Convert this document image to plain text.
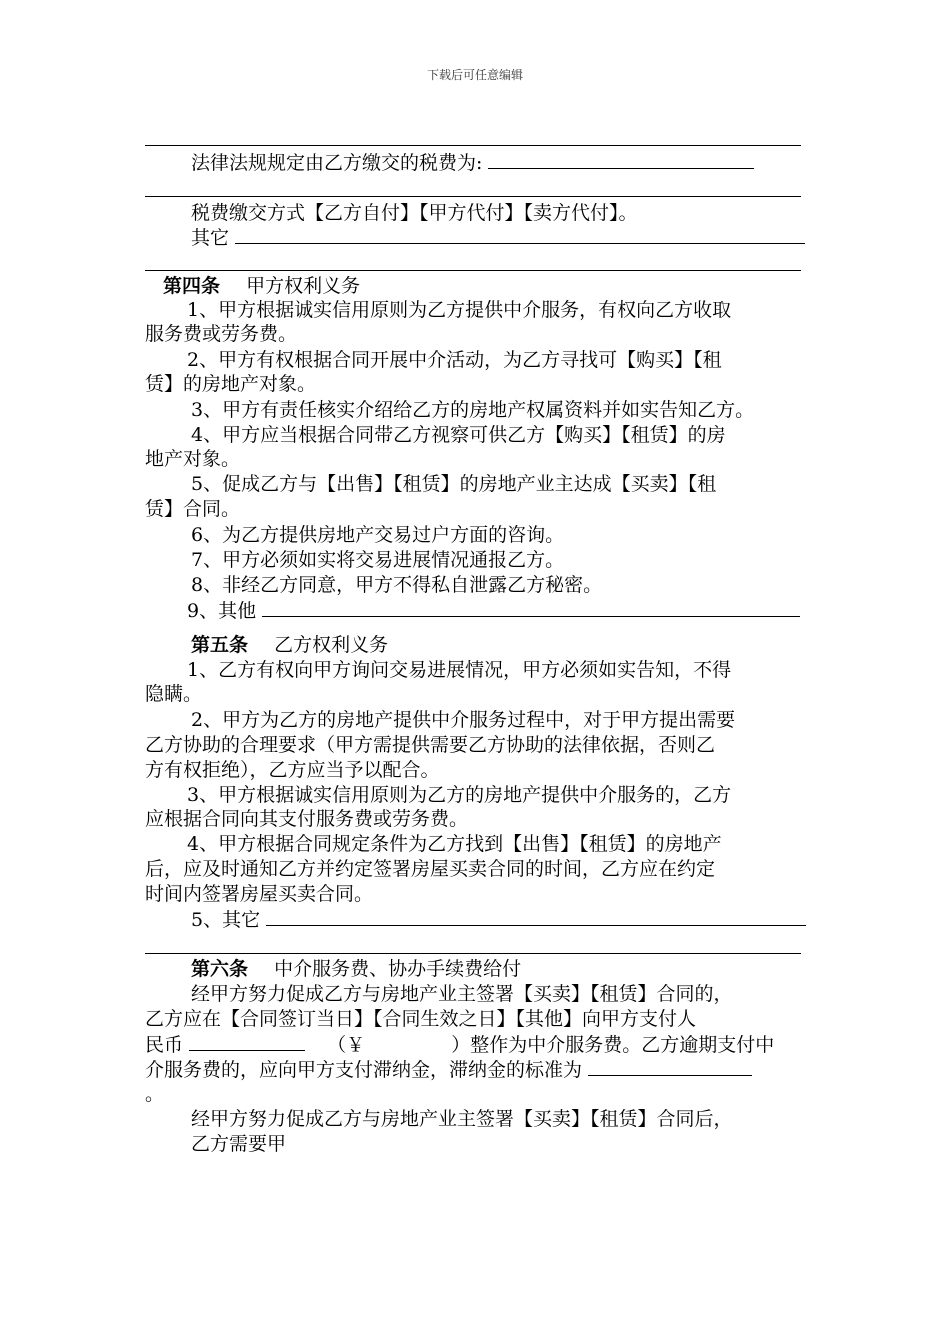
下载后可任意编辑
法律法规规定由乙方缴交的税费为:
税费缴交方式【乙方自付】【甲方代付】【卖方代付】。
其它
第四条 甲方权利义务
1、甲方根据诚实信用原则为乙方提供中介服务，有权向乙方收取
服务费或劳务费。
2、甲方有权根据合同开展中介活动，为乙方寻找可【购买】【租
赁】的房地产对象。
3、甲方有责任核实介绍给乙方的房地产权属资料并如实告知乙方。
4、甲方应当根据合同带乙方视察可供乙方【购买】【租赁】的房
地产对象。
5、促成乙方与【出售】【租赁】的房地产业主达成【买卖】【租
赁】合同。
6、为乙方提供房地产交易过户方面的咨询。
7、甲方必须如实将交易进展情况通报乙方。
8、非经乙方同意，甲方不得私自泄露乙方秘密。
9、其他
第五条 乙方权利义务
1、乙方有权向甲方询问交易进展情况，甲方必须如实告知，不得
隐瞒。
2、甲方为乙方的房地产提供中介服务过程中，对于甲方提出需要
乙方协助的合理要求（甲方需提供需要乙方协助的法律依据，否则乙
方有权拒绝），乙方应当予以配合。
3、甲方根据诚实信用原则为乙方的房地产提供中介服务的，乙方
应根据合同向其支付服务费或劳务费。
4、甲方根据合同规定条件为乙方找到【出售】【租赁】的房地产
后，应及时通知乙方并约定签署房屋买卖合同的时间，乙方应在约定
时间内签署房屋买卖合同。
5、其它
第六条 中介服务费、协办手续费给付
经甲方努力促成乙方与房地产业主签署【买卖】【租赁】合同的，
乙方应在【合同签订当日】【合同生效之日】【其他】向甲方支付人
民币	（￥	）整作为中介服务费。乙方逾期支付中
介服务费的，应向甲方支付滞纳金，滞纳金的标准为
。
经甲方努力促成乙方与房地产业主签署【买卖】【租赁】合同后，
乙方需要甲
